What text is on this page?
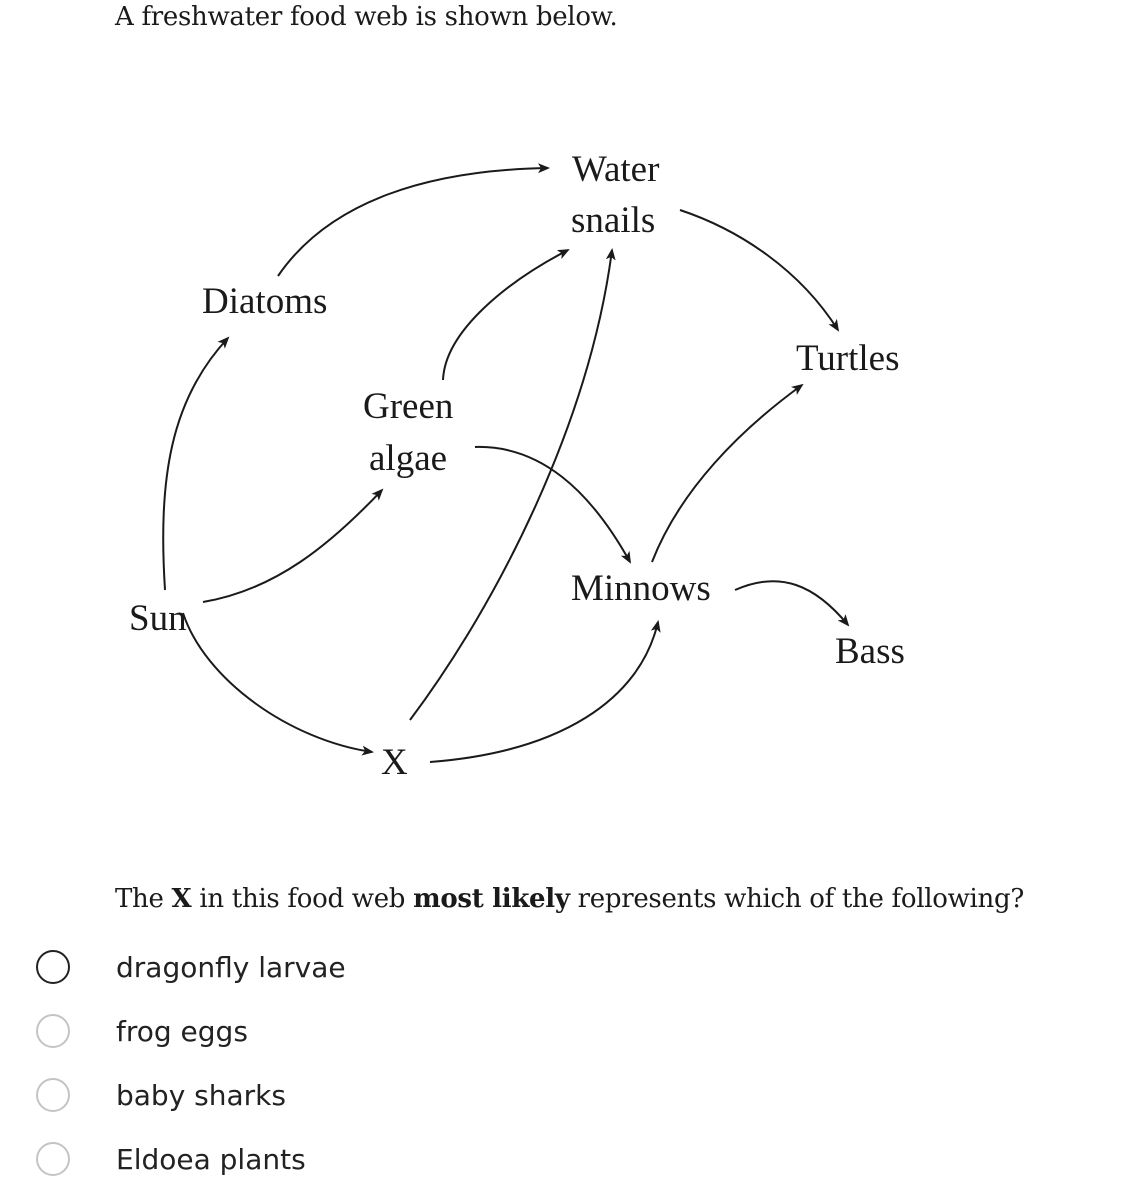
A freshwater food web is shown below.
Water
snails
Diatoms
Turtles
Green
algae
Minnows
Sun
Bass
X
The X in this food web most likely represents which of the following?
dragonfly larvae
frog eggs
baby sharks
Eldoea plants
